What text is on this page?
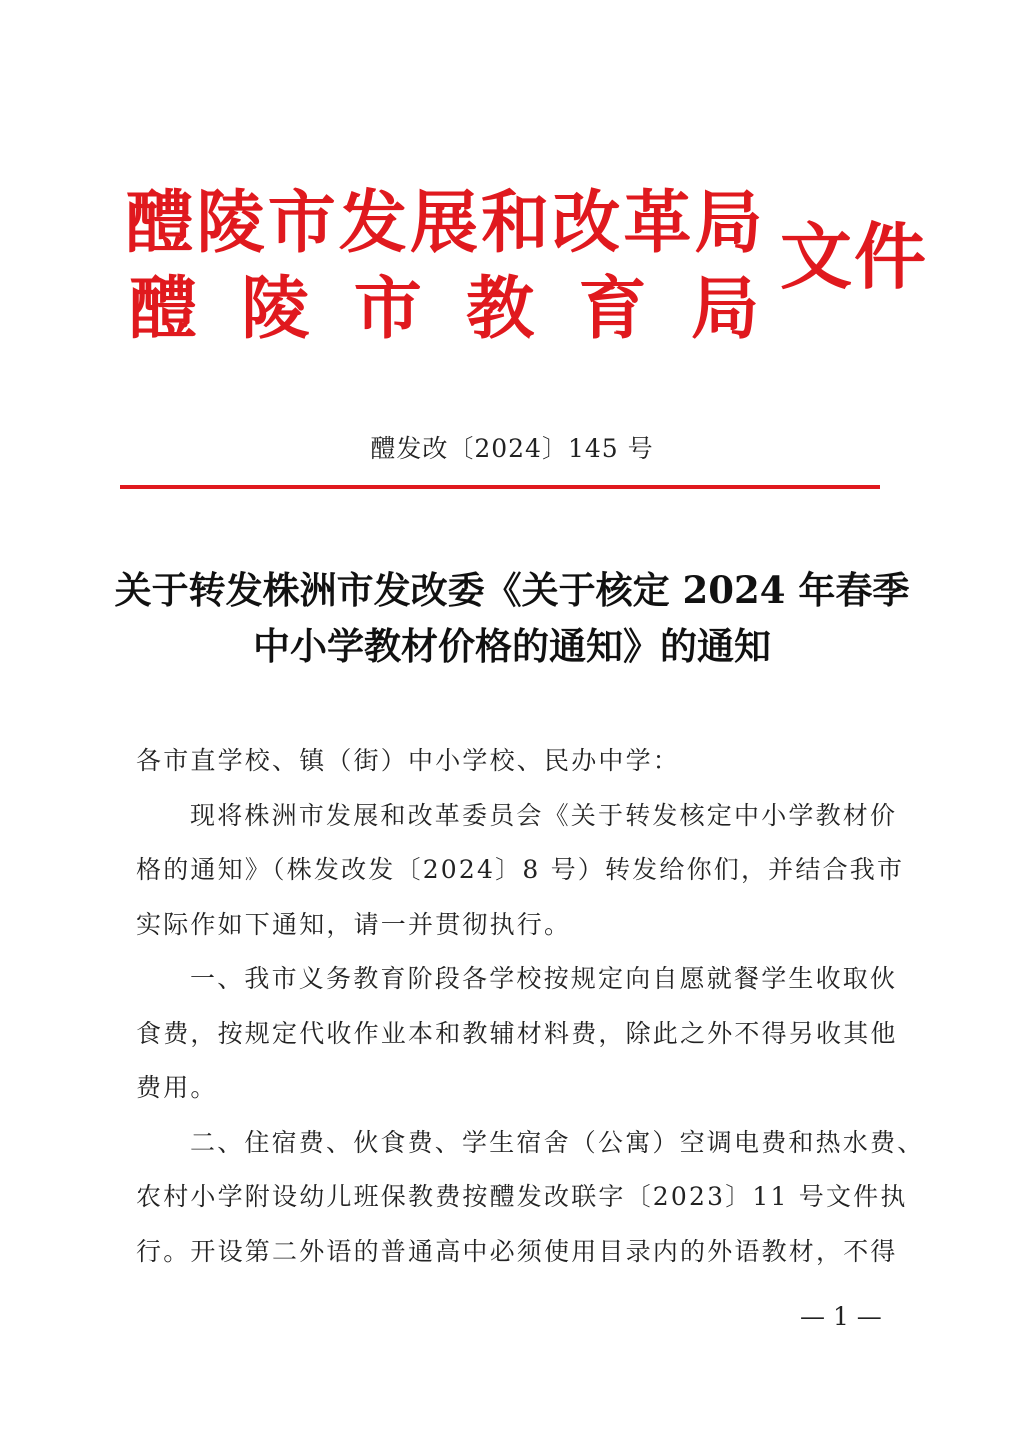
醴 陵 市 发 展 和 改 革 局
醴 陵 市 教 育 局
文件
醴发改〔2024〕145 号
关于转发株洲市发改委《关于核定 2024 年春季
中小学教材价格的通知》的通知

各市直学校、镇（街）中小学校、民办中学：

现将株洲市发展和改革委员会《关于转发核定中小学教材价
格的通知》（株发改发〔2024〕8 号）转发给你们，并结合我市
实际作如下通知，请一并贯彻执行。
一、我市义务教育阶段各学校按规定向自愿就餐学生收取伙
食费，按规定代收作业本和教辅材料费，除此之外不得另收其他
费用。
二、住宿费、伙食费、学生宿舍（公寓）空调电费和热水费、
农村小学附设幼儿班保教费按醴发改联字〔2023〕11 号文件执
行。开设第二外语的普通高中必须使用目录内的外语教材，不得
— 1 —
